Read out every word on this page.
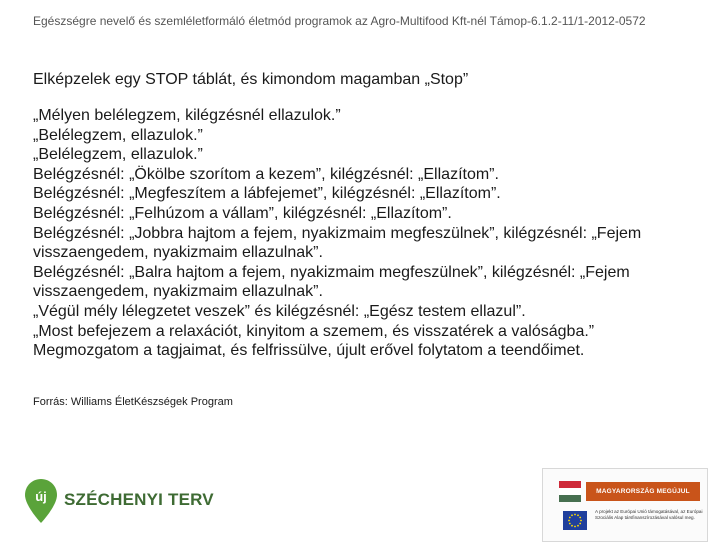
Egészségre nevelő és szemléletformáló életmód programok az Agro-Multifood Kft-nél Támop-6.1.2-11/1-2012-0572
Elképzelek egy STOP táblát, és kimondom magamban „Stop”
„Mélyen belélegzem, kilégzésnél ellazulok.”
„Belélegzem, ellazulok.”
„Belélegzem, ellazulok.”
Belégzésnél: „Ökölbe szorítom a kezem”, kilégzésnél: „Ellazítom”.
Belégzésnél: „Megfeszítem a lábfejemet”, kilégzésnél: „Ellazítom”.
Belégzésnél: „Felhúzom a vállam”, kilégzésnél: „Ellazítom”.
Belégzésnél: „Jobbra hajtom a fejem, nyakizmaim megfeszülnek”, kilégzésnél: „Fejem visszaengedem, nyakizmaim ellazulnak”.
Belégzésnél: „Balra hajtom a fejem, nyakizmaim megfeszülnek”, kilégzésnél: „Fejem visszaengedem, nyakizmaim ellazulnak”.
„Végül mély lélegzetet veszek” és kilégzésnél: „Egész testem ellazul”.
„Most befejezem a relaxációt, kinyitom a szemem, és visszatérek a valóságba.”
Megmozgatom a tagjaimat, és felfrissülve, újult erővel folytatom a teendőimet.
Forrás: Williams ÉletKészségek Program
új SZÉCHENYI TERV	MAGYARORSZÁG MEGÚJUL
A projekt az Európai Unió támogatásával, az Európai Szociális Alap társfinanszírozásával valósul meg.
